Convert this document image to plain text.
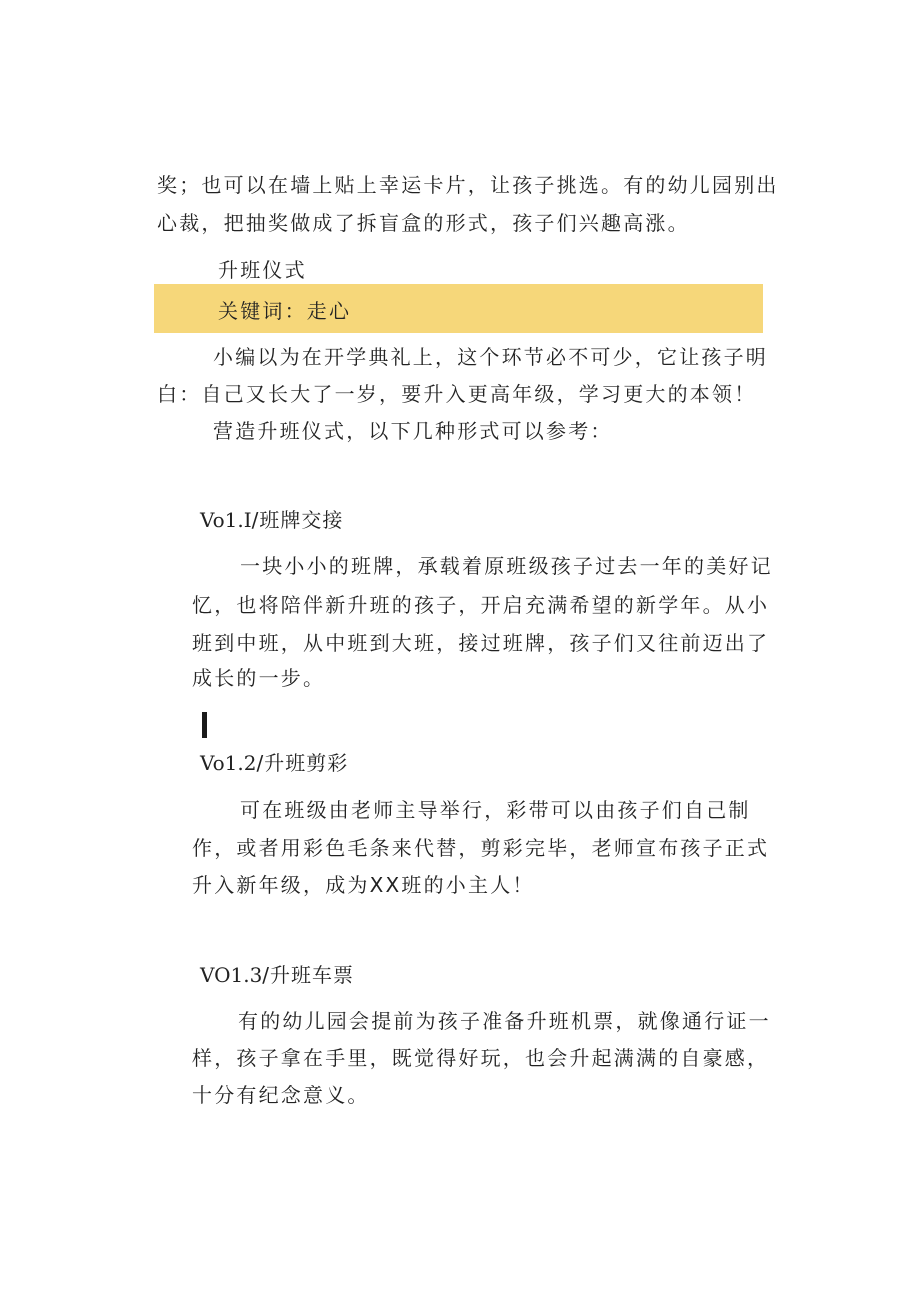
奖；也可以在墙上贴上幸运卡片，让孩子挑选。有的幼儿园别出
心裁，把抽奖做成了拆盲盒的形式，孩子们兴趣高涨。
升班仪式
关键词：走心
小编以为在开学典礼上，这个环节必不可少，它让孩子明
白：自己又长大了一岁，要升入更高年级，学习更大的本领！
营造升班仪式，以下几种形式可以参考：
Vo1.I/班牌交接
一块小小的班牌，承载着原班级孩子过去一年的美好记
忆，也将陪伴新升班的孩子，开启充满希望的新学年。从小
班到中班，从中班到大班，接过班牌，孩子们又往前迈出了
成长的一步。
Vo1.2/升班剪彩
可在班级由老师主导举行，彩带可以由孩子们自己制
作，或者用彩色毛条来代替，剪彩完毕，老师宣布孩子正式
升入新年级，成为XX班的小主人！
VO1.3/升班车票
有的幼儿园会提前为孩子准备升班机票，就像通行证一
样，孩子拿在手里，既觉得好玩，也会升起满满的自豪感，
十分有纪念意义。
